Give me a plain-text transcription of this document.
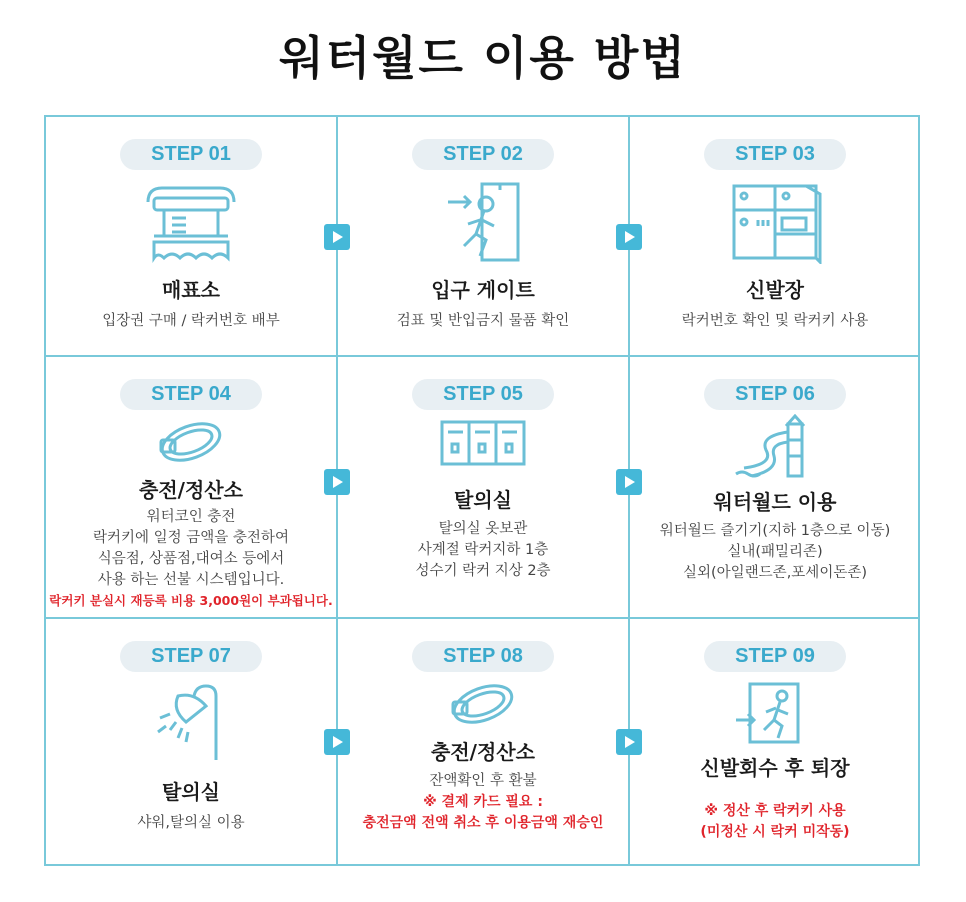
워터월드 이용 방법
STEP 01
매표소
입장권 구매 / 락커번호 배부
STEP 02
입구 게이트
검표 및 반입금지 물품 확인
STEP 03
신발장
락커번호 확인 및 락커키 사용
STEP 04
충전/정산소
워터코인 충전
락커키에 일정 금액을 충전하여
식음점, 상품점,대여소 등에서
사용 하는 선불 시스템입니다.
락커키 분실시 재등록 비용 3,000원이 부과됩니다.
STEP 05
탈의실
탈의실 옷보관
사계절 락커지하 1층
성수기 락커 지상 2층
STEP 06
워터월드 이용
워터월드 즐기기(지하 1층으로 이동)
실내(패밀리존)
실외(아일랜드존,포세이돈존)
STEP 07
탈의실
샤워,탈의실 이용
STEP 08
충전/정산소
잔액확인 후 환불
※ 결제 카드 필요 :
충전금액 전액 취소 후 이용금액 재승인
STEP 09
신발회수 후 퇴장
※ 정산 후 락커키 사용
(미정산 시 락커 미작동)
